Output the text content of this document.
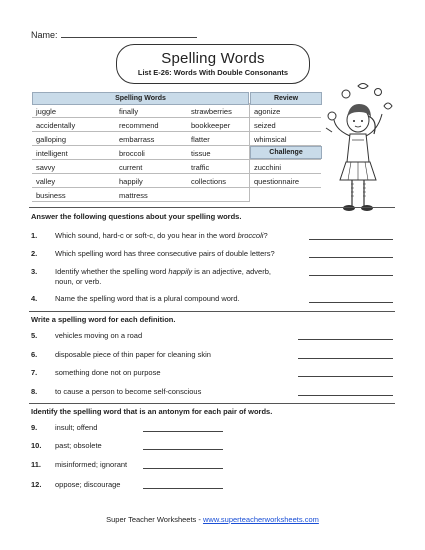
Name:
Spelling Words
List E-26: Words With Double Consonants
Spelling Words	Review
juggle
accidentally
galloping
intelligent
savvy
valley
business
finally
recommend
embarrass
broccoli
current
happily
mattress
strawberries
bookkeeper
flatter
tissue
traffic
collections
agonize
seized
whimsical
Challenge
zucchini
questionnaire
Answer the following questions about your spelling words.
1. Which sound, hard-c or soft-c, do you hear in the word broccoli?
2. Which spelling word has three consecutive pairs of double letters?
3. Identify whether the spelling word happily is an adjective, adverb,
noun, or verb.
4. Name the spelling word that is a plural compound word.
Write a spelling word for each definition.
5. vehicles moving on a road
6. disposable piece of thin paper for cleaning skin
7. something done not on purpose
8. to cause a person to become self-conscious
Identify the spelling word that is an antonym for each pair of words.
9. insult; offend
10. past; obsolete
11. misinformed; ignorant
12. oppose; discourage
Super Teacher Worksheets - www.superteacherworksheets.com
